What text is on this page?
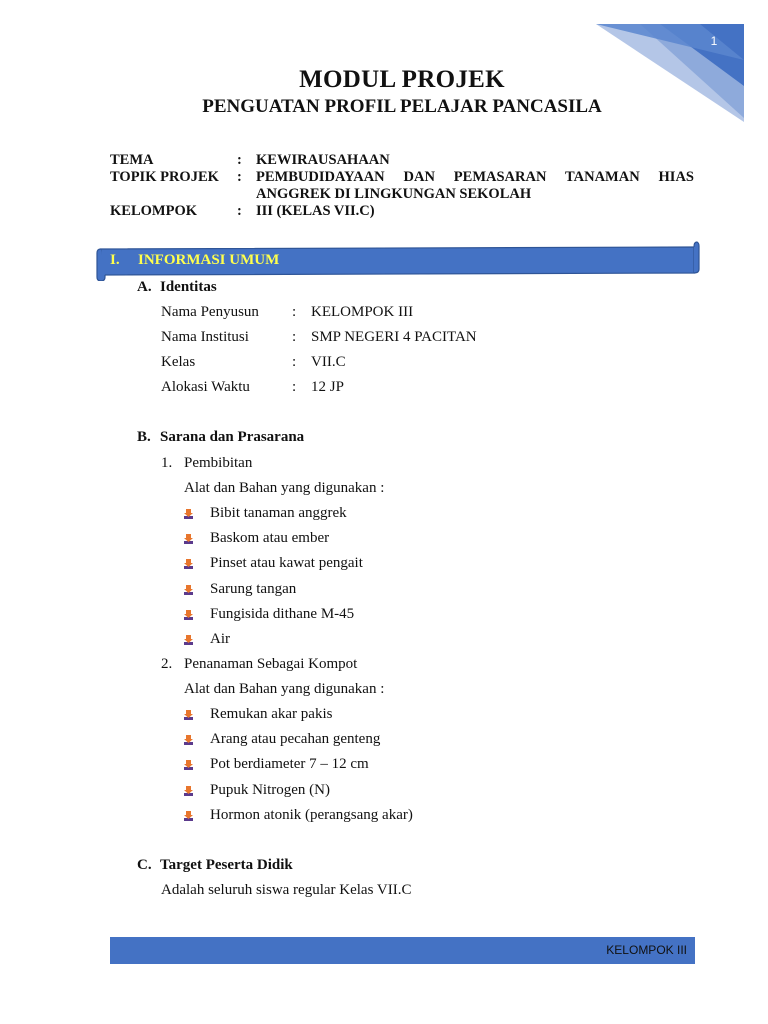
1
MODUL PROJEK
PENGUATAN PROFIL PELAJAR PANCASILA
TEMA	: KEWIRAUSAHAAN
TOPIK PROJEK : PEMBUDIDAYAAN DAN PEMASARAN TANAMAN HIAS
ANGGREK DI LINGKUNGAN SEKOLAH
KELOMPOK	: III (KELAS VII.C)
I. INFORMASI UMUM
A. Identitas
Nama Penyusun : KELOMPOK III
Nama Institusi	: SMP NEGERI 4 PACITAN
Kelas	: VII.C
Alokasi Waktu	: 12 JP
B. Sarana dan Prasarana
1. Pembibitan
Alat dan Bahan yang digunakan :
Bibit tanaman anggrek
Baskom atau ember
Pinset atau kawat pengait
Sarung tangan
Fungisida dithane M-45
Air
2. Penanaman Sebagai Kompot
Alat dan Bahan yang digunakan :
Remukan akar pakis
Arang atau pecahan genteng
Pot berdiameter 7 – 12 cm
Pupuk Nitrogen (N)
Hormon atonik (perangsang akar)
C. Target Peserta Didik
Adalah seluruh siswa regular Kelas VII.C
KELOMPOK III
